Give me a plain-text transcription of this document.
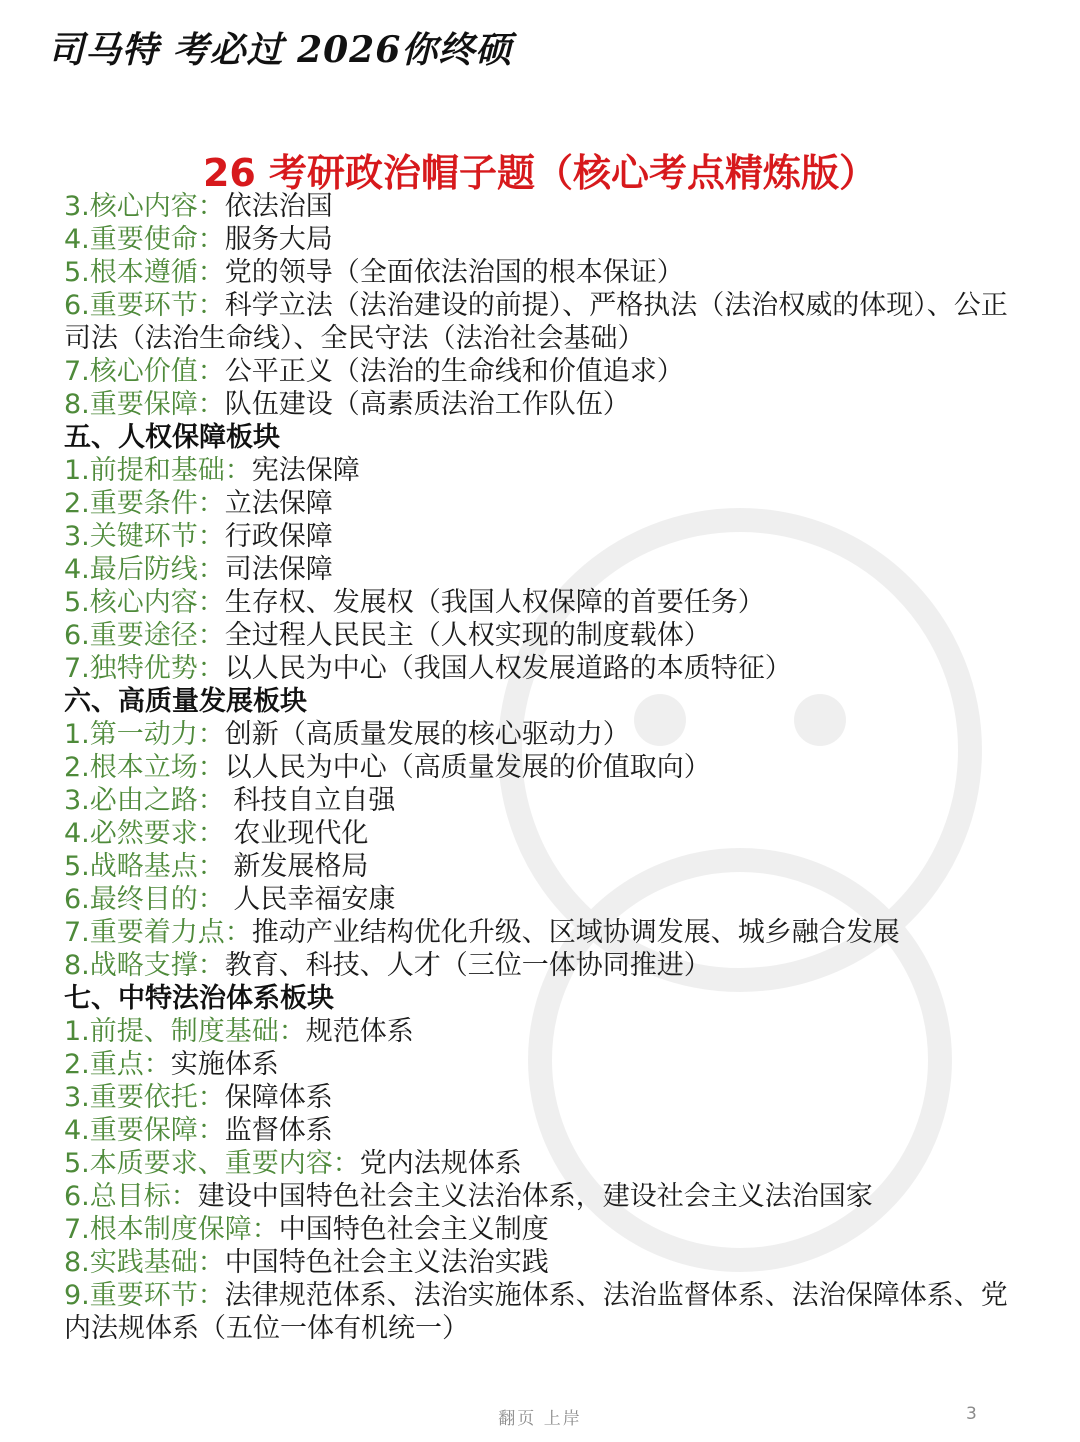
司马特 考必过 2026你终硕
26 考研政治帽子题（核心考点精炼版）
3.核心内容：依法治国
4.重要使命：服务大局
5.根本遵循：党的领导（全面依法治国的根本保证）
6.重要环节：科学立法（法治建设的前提）、严格执法（法治权威的体现）、公正司法（法治生命线）、全民守法（法治社会基础）
7.核心价值：公平正义（法治的生命线和价值追求）
8.重要保障：队伍建设（高素质法治工作队伍）
五、人权保障板块
1.前提和基础：宪法保障
2.重要条件：立法保障
3.关键环节：行政保障
4.最后防线：司法保障
5.核心内容：生存权、发展权（我国人权保障的首要任务）
6.重要途径：全过程人民民主（人权实现的制度载体）
7.独特优势：以人民为中心（我国人权发展道路的本质特征）
六、高质量发展板块
1.第一动力：创新（高质量发展的核心驱动力）
2.根本立场：以人民为中心（高质量发展的价值取向）
3.必由之路： 科技自立自强
4.必然要求： 农业现代化
5.战略基点： 新发展格局
6.最终目的： 人民幸福安康
7.重要着力点：推动产业结构优化升级、区域协调发展、城乡融合发展
8.战略支撑：教育、科技、人才（三位一体协同推进）
七、中特法治体系板块
1.前提、制度基础：规范体系
2.重点：实施体系
3.重要依托：保障体系
4.重要保障：监督体系
5.本质要求、重要内容：党内法规体系
6.总目标：建设中国特色社会主义法治体系，建设社会主义法治国家
7.根本制度保障：中国特色社会主义制度
8.实践基础：中国特色社会主义法治实践
9.重要环节：法律规范体系、法治实施体系、法治监督体系、法治保障体系、党内法规体系（五位一体有机统一）
翻页 上岸	3
